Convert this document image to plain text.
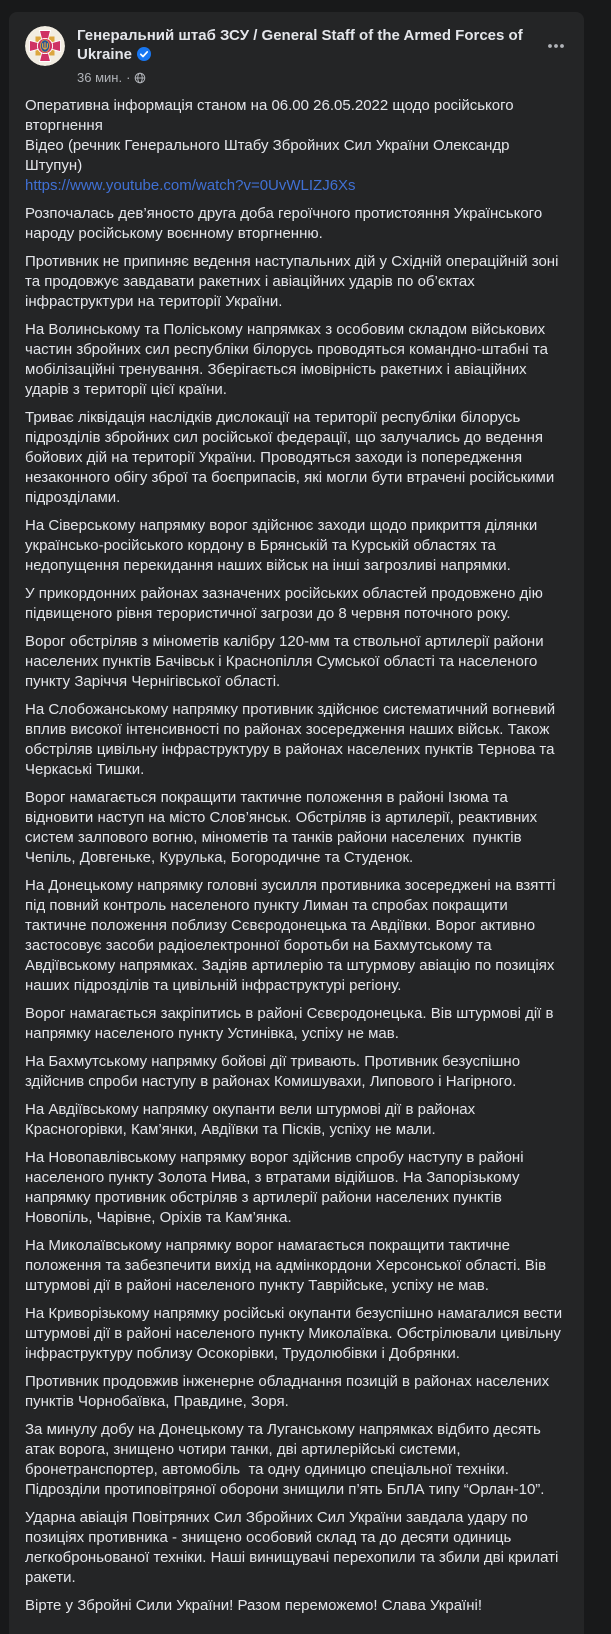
Генеральний штаб ЗСУ / General Staff of the Armed Forces of Ukraine
36 мин. ·

Оперативна інформація станом на 06.00 26.05.2022 щодо російського вторгнення
Відео (речник Генерального Штабу Збройних Сил України Олександр Штупун)
https://www.youtube.com/watch?v=0UvWLIZJ6Xs

Розпочалась дев’яносто друга доба героїчного протистояння Українського народу російському воєнному вторгненню.

Противник не припиняє ведення наступальних дій у Східній операційній зоні та продовжує завдавати ракетних і авіаційних ударів по об’єктах інфраструктури на території України.

На Волинському та Поліському напрямках з особовим складом військових частин збройних сил республіки білорусь проводяться командно-штабні та мобілізаційні тренування. Зберігається імовірність ракетних і авіаційних ударів з території цієї країни.

Триває ліквідація наслідків дислокації на території республіки білорусь підрозділів збройних сил російської федерації, що залучались до ведення бойових дій на території України. Проводяться заходи із попередження незаконного обігу зброї та боєприпасів, які могли бути втрачені російськими підрозділами.

На Сіверському напрямку ворог здійснює заходи щодо прикриття ділянки українсько-російського кордону в Брянській та Курській областях та недопущення перекидання наших військ на інші загрозливі напрямки.

У прикордонних районах зазначених російських областей продовжено дію підвищеного рівня терористичної загрози до 8 червня поточного року.

Ворог обстріляв з мінометів калібру 120-мм та ствольної артилерії райони населених пунктів Бачівськ і Краснопілля Сумської області та населеного пункту Заріччя Чернігівської області.

На Слобожанському напрямку противник здійснює систематичний вогневий вплив високої інтенсивності по районах зосередження наших військ. Також обстріляв цивільну інфраструктуру в районах населених пунктів Тернова та Черкаські Тишки.

Ворог намагається покращити тактичне положення в районі Ізюма та відновити наступ на місто Слов’янськ. Обстріляв із артилерії, реактивних систем залпового вогню, мінометів та танків райони населених  пунктів Чепіль, Довгеньке, Курулька, Богородичне та Студенок.

На Донецькому напрямку головні зусилля противника зосереджені на взятті під повний контроль населеного пункту Лиман та спробах покращити тактичне положення поблизу Сєвєродонецька та Авдіївки. Ворог активно застосовує засоби радіоелектронної боротьби на Бахмутському та Авдіївському напрямках. Задіяв артилерію та штурмову авіацію по позиціях наших підрозділів та цивільній інфраструктурі регіону.

Ворог намагається закріпитись в районі Сєвєродонецька. Вів штурмові дії в напрямку населеного пункту Устинівка, успіху не мав.

На Бахмутському напрямку бойові дії тривають. Противник безуспішно здійснив спроби наступу в районах Комишувахи, Липового і Нагірного.

На Авдіївському напрямку окупанти вели штурмові дії в районах Красногорівки, Кам’янки, Авдіївки та Пісків, успіху не мали.

На Новопавлівському напрямку ворог здійснив спробу наступу в районі населеного пункту Золота Нива, з втратами відійшов. На Запорізькому напрямку противник обстріляв з артилерії райони населених пунктів Новопіль, Чарівне, Оріхів та Кам’янка.

На Миколаївському напрямку ворог намагається покращити тактичне положення та забезпечити вихід на адмінкордони Херсонської області. Вів штурмові дії в районі населеного пункту Таврійське, успіху не мав.

На Криворізькому напрямку російські окупанти безуспішно намагалися вести штурмові дії в районі населеного пункту Миколаївка. Обстрілювали цивільну інфраструктуру поблизу Осокорівки, Трудолюбівки і Добрянки.

Противник продовжив інженерне обладнання позицій в районах населених пунктів Чорнобаївка, Правдине, Зоря.

За минулу добу на Донецькому та Луганському напрямках відбито десять атак ворога, знищено чотири танки, дві артилерійські системи, бронетранспортер, автомобіль  та одну одиницю спеціальної техніки. Підрозділи протиповітряної оборони знищили п’ять БпЛА типу “Орлан-10”.

Ударна авіація Повітряних Сил Збройних Сил України завдала удару по позиціях противника - знищено особовий склад та до десяти одиниць легкоброньованої техніки. Наші винищувачі перехопили та збили дві крилаті ракети.

Вірте у Збройні Сили України! Разом переможемо! Слава Україні!
